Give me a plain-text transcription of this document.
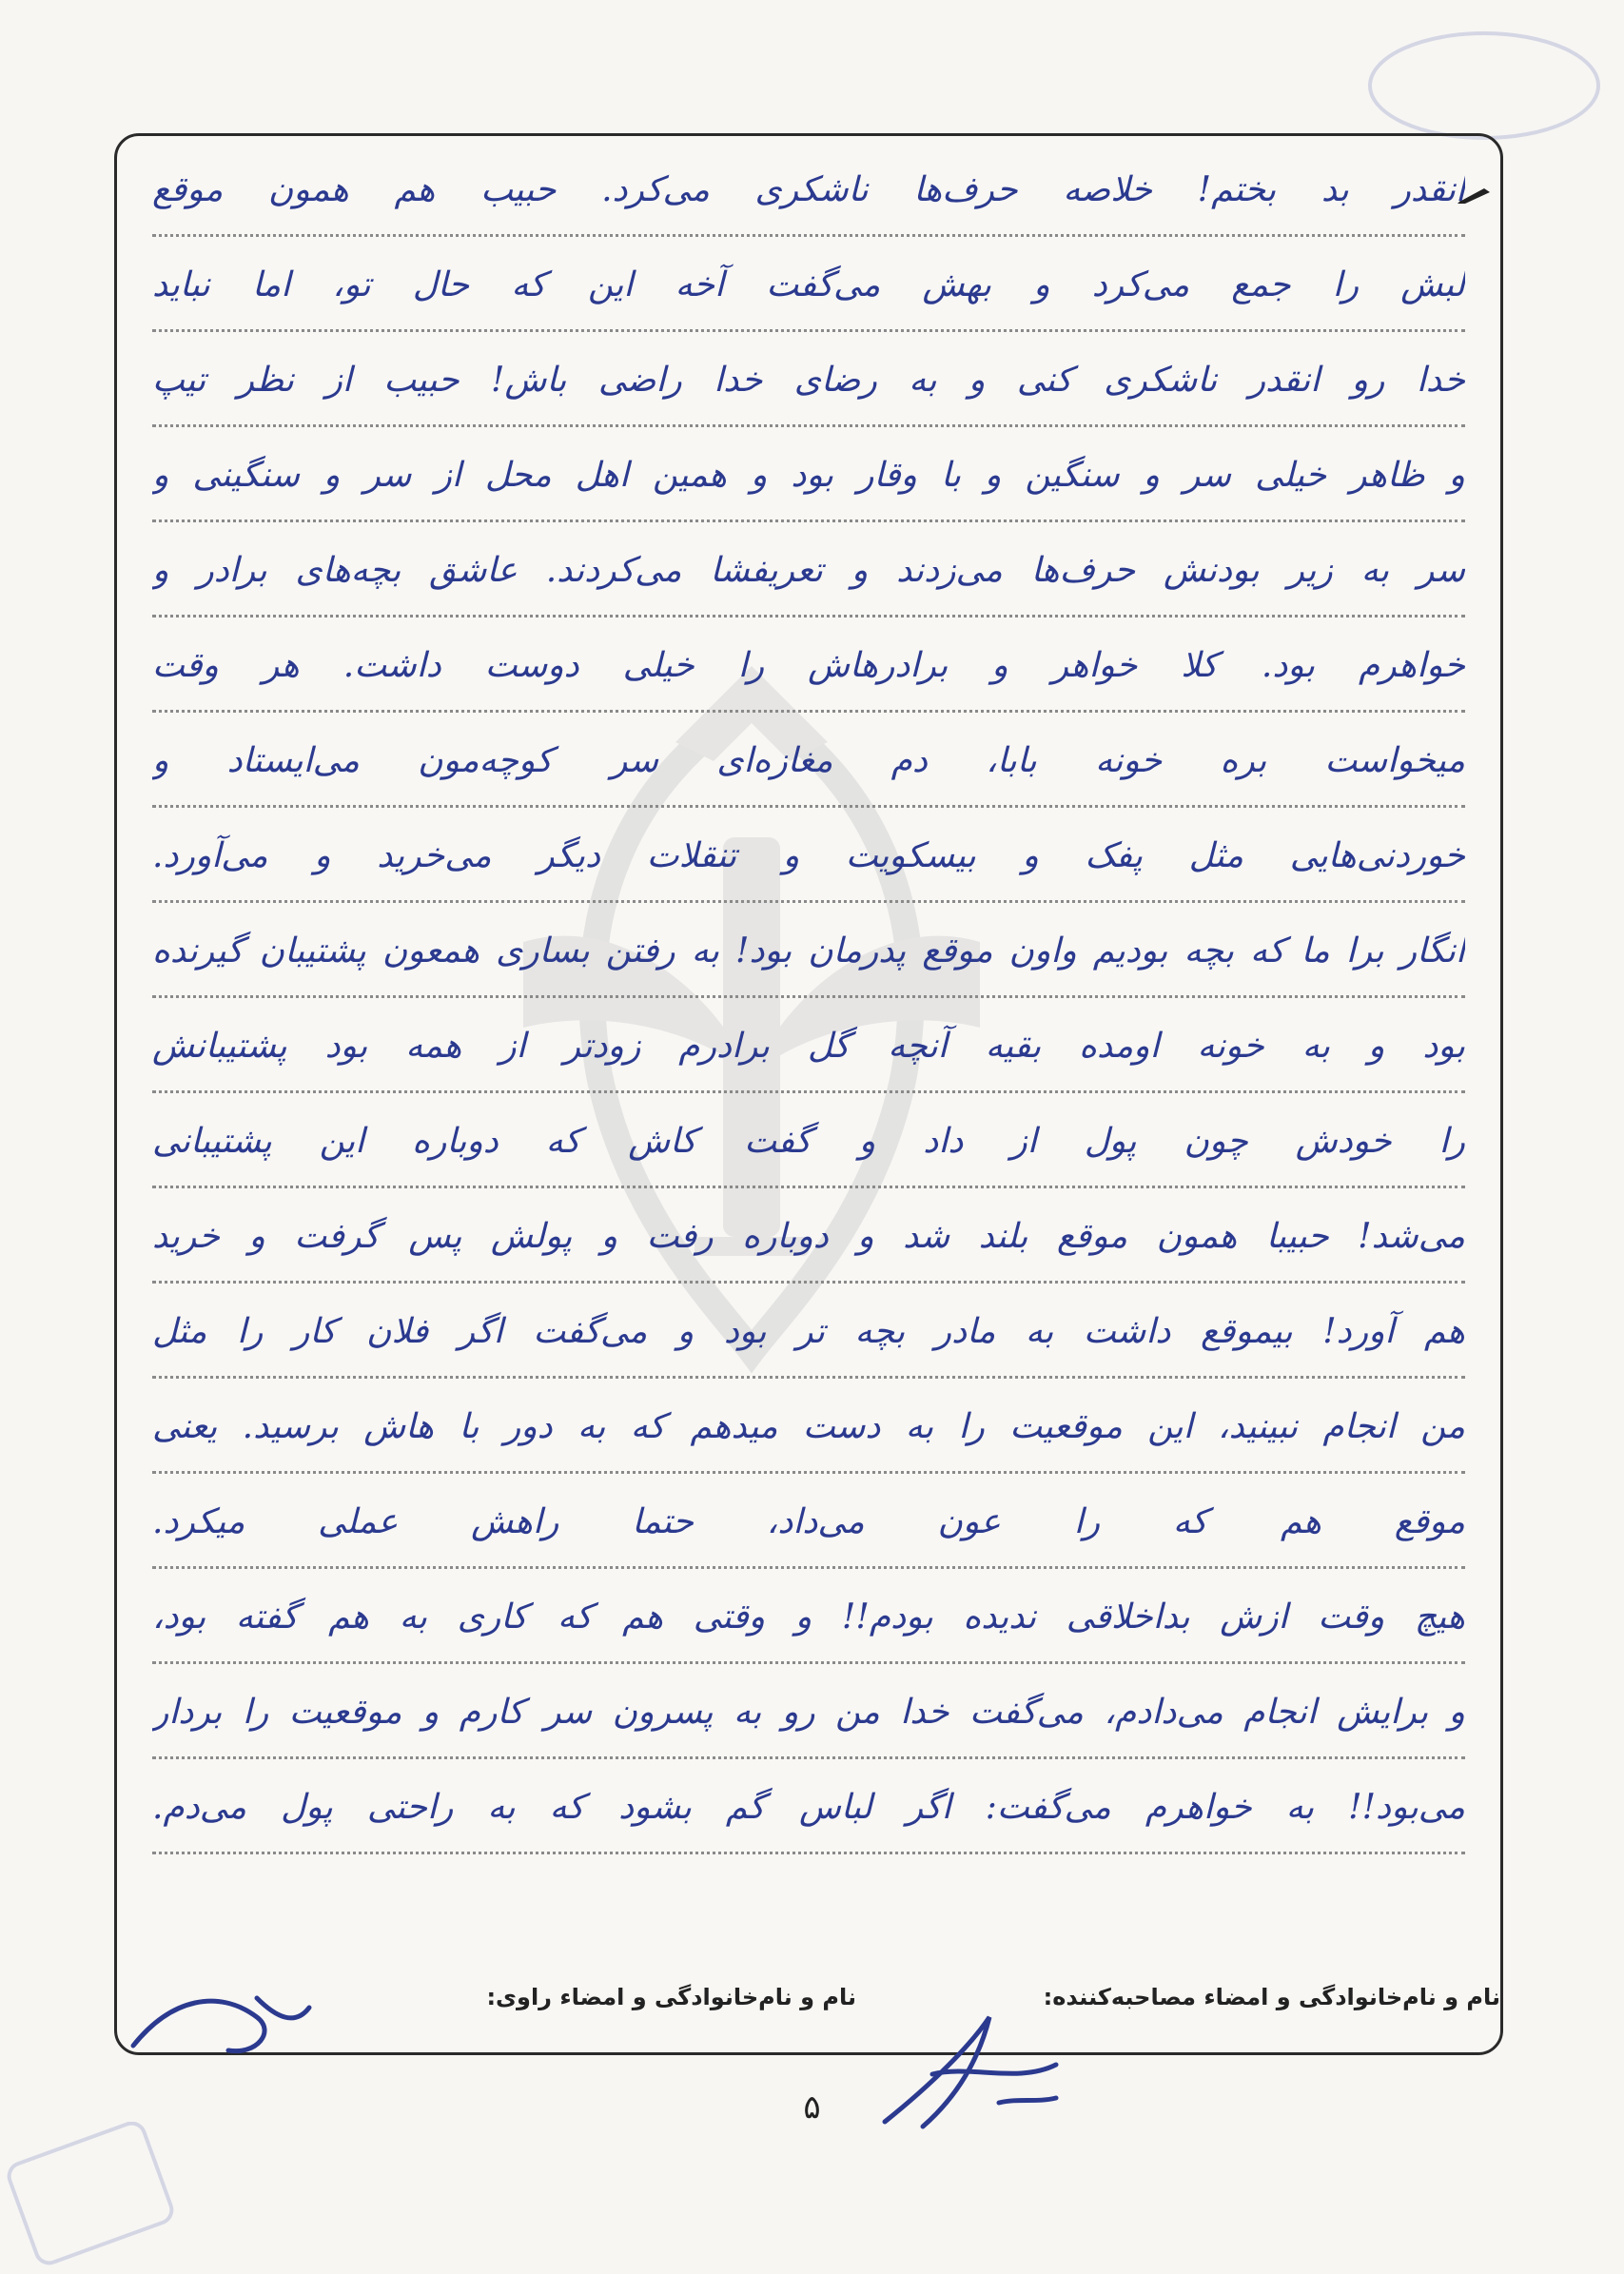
انقدر بد بختم! خلاصه حرف‌ها ناشکری می‌کرد. حبیب هم همون موقع
لبش را جمع می‌کرد و بهش می‌گفت آخه این که حال تو، اما نباید
خدا رو انقدر ناشکری کنی و به رضای خدا راضی باش! حبیب از نظر تیپ
و ظاهر خیلی سر و سنگین و با وقار بود و همین اهل محل از سر و سنگینی و
سر به زیر بودنش حرف‌ها می‌زدند و تعریفشا می‌کردند. عاشق بچه‌های برادر و
خواهرم بود. کلا خواهر و برادرهاش را خیلی دوست داشت. هر وقت
میخواست بره خونه بابا، دم مغازه‌ای سر کوچه‌مون می‌ایستاد و
خوردنی‌هایی مثل پفک و بیسکویت و تنقلات دیگر می‌خرید و می‌آورد.
انگار برا ما که بچه بودیم واون موقع پدرمان بود! به رفتن بساری همعون پشتیبان گیرنده
بود و به خونه اومده بقیه آنچه گل برادرم زودتر از همه بود پشتیبانش
را خودش چون پول از داد و گفت کاش که دوباره این پشتیبانی
می‌شد! حبیبا همون موقع بلند شد و دوباره رفت و پولش پس گرفت و خرید
هم آورد! بیموقع داشت به مادر بچه تر بود و می‌گفت اگر فلان کار را مثل
من انجام نبینید، این موقعیت را به دست میدهم که به دور با هاش برسید. یعنی
موقع هم که را عون می‌داد، حتما راهش عملی میکرد.
هیچ وقت ازش بداخلاقی ندیده بودم!! و وقتی هم که کاری به هم گفته بود،
و برایش انجام می‌دادم، می‌گفت خدا من رو به پسرون سر کارم و موقعیت را بردار
می‌بود!! به خواهرم می‌گفت: اگر لباس گم بشود که به راحتی پول می‌دم.
نام و نام‌خانوادگی و امضاء مصاحبه‌کننده:
نام و نام‌خانوادگی و امضاء راوی:
۵
